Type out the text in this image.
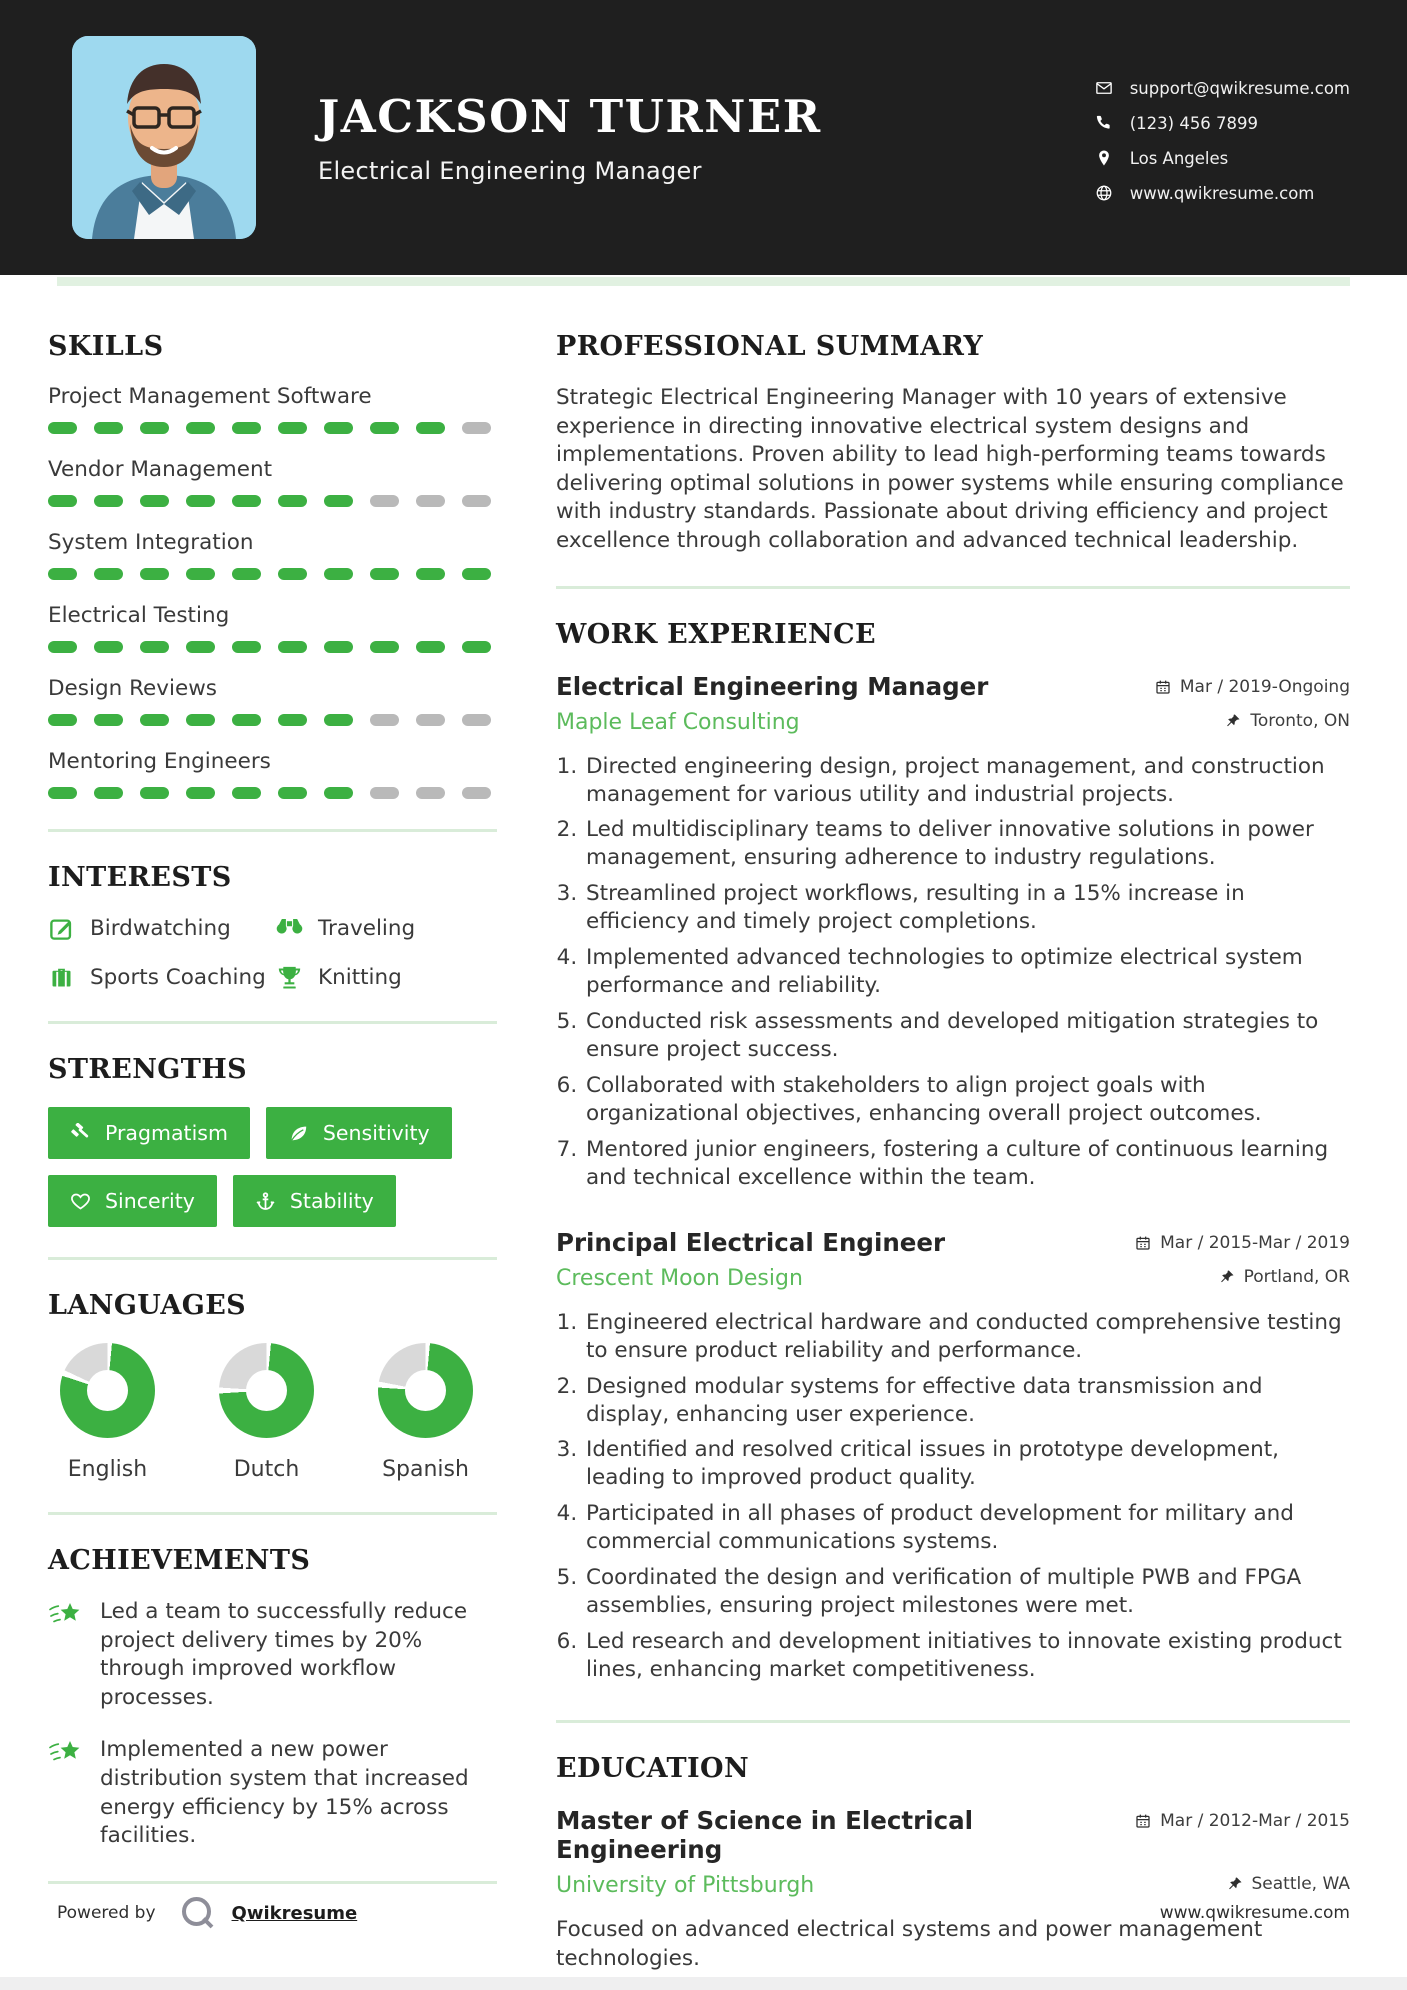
JACKSON TURNER
Electrical Engineering Manager
support@qwikresume.com
(123) 456 7899
Los Angeles
www.qwikresume.com
SKILLS
Project Management Software
Vendor Management
System Integration
Electrical Testing
Design Reviews
Mentoring Engineers
INTERESTS
Birdwatching	Traveling
Sports Coaching Knitting
STRENGTHS
Pragmatism	Sensitivity
Sincerity	Stability
LANGUAGES
English	Dutch	Spanish
ACHIEVEMENTS

Led a team to successfully reduce project delivery times by 20% through improved workflow processes.

Implemented a new power distribution system that increased energy efficiency by 15% across facilities.

PROFESSIONAL SUMMARY

Strategic Electrical Engineering Manager with 10 years of extensive experience in directing innovative electrical system designs and implementations. Proven ability to lead high-performing teams towards delivering optimal solutions in power systems while ensuring compliance with industry standards. Passionate about driving efficiency and project excellence through collaboration and advanced technical leadership.

WORK EXPERIENCE
Electrical Engineering Manager	Mar / 2019-Ongoing
Maple Leaf Consulting	Toronto, ON
1. Directed engineering design, project management, and construction management for various utility and industrial projects.
2. Led multidisciplinary teams to deliver innovative solutions in power management, ensuring adherence to industry regulations.
3. Streamlined project workflows, resulting in a 15% increase in efficiency and timely project completions.
4. Implemented advanced technologies to optimize electrical system performance and reliability.
5. Conducted risk assessments and developed mitigation strategies to ensure project success.
6. Collaborated with stakeholders to align project goals with organizational objectives, enhancing overall project outcomes.
7. Mentored junior engineers, fostering a culture of continuous learning and technical excellence within the team.
Principal Electrical Engineer	Mar / 2015-Mar / 2019
Crescent Moon Design	Portland, OR
1. Engineered electrical hardware and conducted comprehensive testing to ensure product reliability and performance.
2. Designed modular systems for effective data transmission and display, enhancing user experience.
3. Identified and resolved critical issues in prototype development, leading to improved product quality.
4. Participated in all phases of product development for military and commercial communications systems.
5. Coordinated the design and verification of multiple PWB and FPGA assemblies, ensuring project milestones were met.
6. Led research and development initiatives to innovate existing product lines, enhancing market competitiveness.
EDUCATION
Master of Science in Electrical Engineering
Mar / 2012-Mar / 2015
University of Pittsburgh	Seattle, WA

Focused on advanced electrical systems and power management technologies.

Powered by	Qwikresume	www.qwikresume.com
